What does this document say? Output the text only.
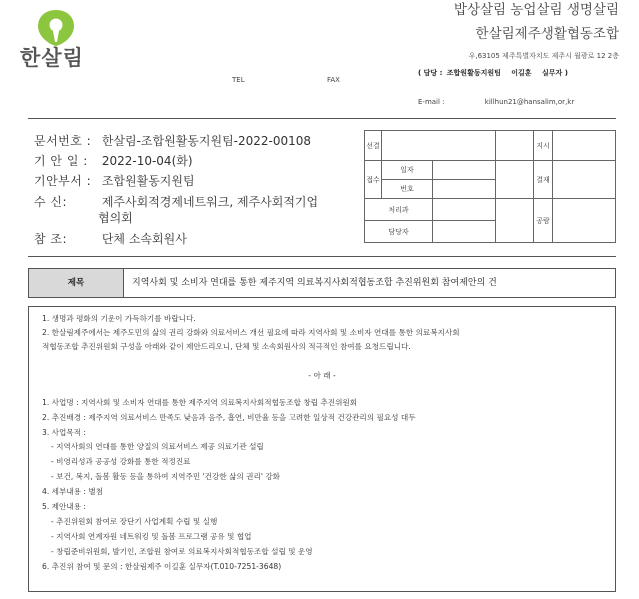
한살림
밥상살림 농업살림 생명살림
한살림제주생활협동조합
우,63105 제주특별자치도 제주시 월광로 12 2층
TEL	FAX
( 담당 : 조합원활동지원팀 이길훈 실무자 )
E-mail :	killhun21@hansalim,or,kr
문서번호 : 한살림-조합원활동지원팀-2022-00108
기 안 일 : 2022-10-04(화)
기안부서 : 조합원활동지원팀
수 신:	제주사회적경제네트워크, 제주사회적기업
협의회
참 조:	단체 소속회원사
선결				지시	
접수	일자			결재	
	번호				
처리과				공람	
담당자					
제목	지역사회 및 소비자 연대를 통한 제주지역 의료복지사회적협동조합 추진위원회 참여제안의 건
1. 생명과 평화의 기운이 가득하기를 바랍니다.
2. 한살림제주에서는 제주도민의 삶의 권리 강화와 의료서비스 개선 필요에 따라 지역사회 및 소비자 연대를 통한 의료복지사회
적협동조합 추진위원회 구성을 아래와 같이 제안드리오니, 단체 및 소속회원사의 적극적인 참여를 요청드립니다.
- 아 래 -
1. 사업명 : 지역사회 및 소비자 연대를 통한 제주지역 의료복지사회적협동조합 창립 추진위원회
2. 추진배경 : 제주지역 의료서비스 만족도 낮음과 음주, 흡연, 비만율 등을 고려한 일상적 건강관리의 필요성 대두
3. 사업목적 :
- 지역사회의 연대를 통한 양질의 의료서비스 제공 의료기관 설립
- 비영리성과 공공성 강화를 통한 적정진료
- 보건, 복지, 돌봄 활동 등을 통하여 지역주민 '건강한 삶의 권리' 강화
4. 세부내용 : 별첨
5. 제안내용 :
- 추진위원회 참여로 장단기 사업계획 수립 및 실행
- 지역사회 연계자원 네트워킹 및 돌봄 프로그램 공유 및 협업
- 창립준비위원회, 발기인, 조합원 참여로 의료복지사회적협동조합 설립 및 운영
6. 추진위 참여 및 문의 : 한살림제주 이길훈 실무자(T.010-7251-3648)
